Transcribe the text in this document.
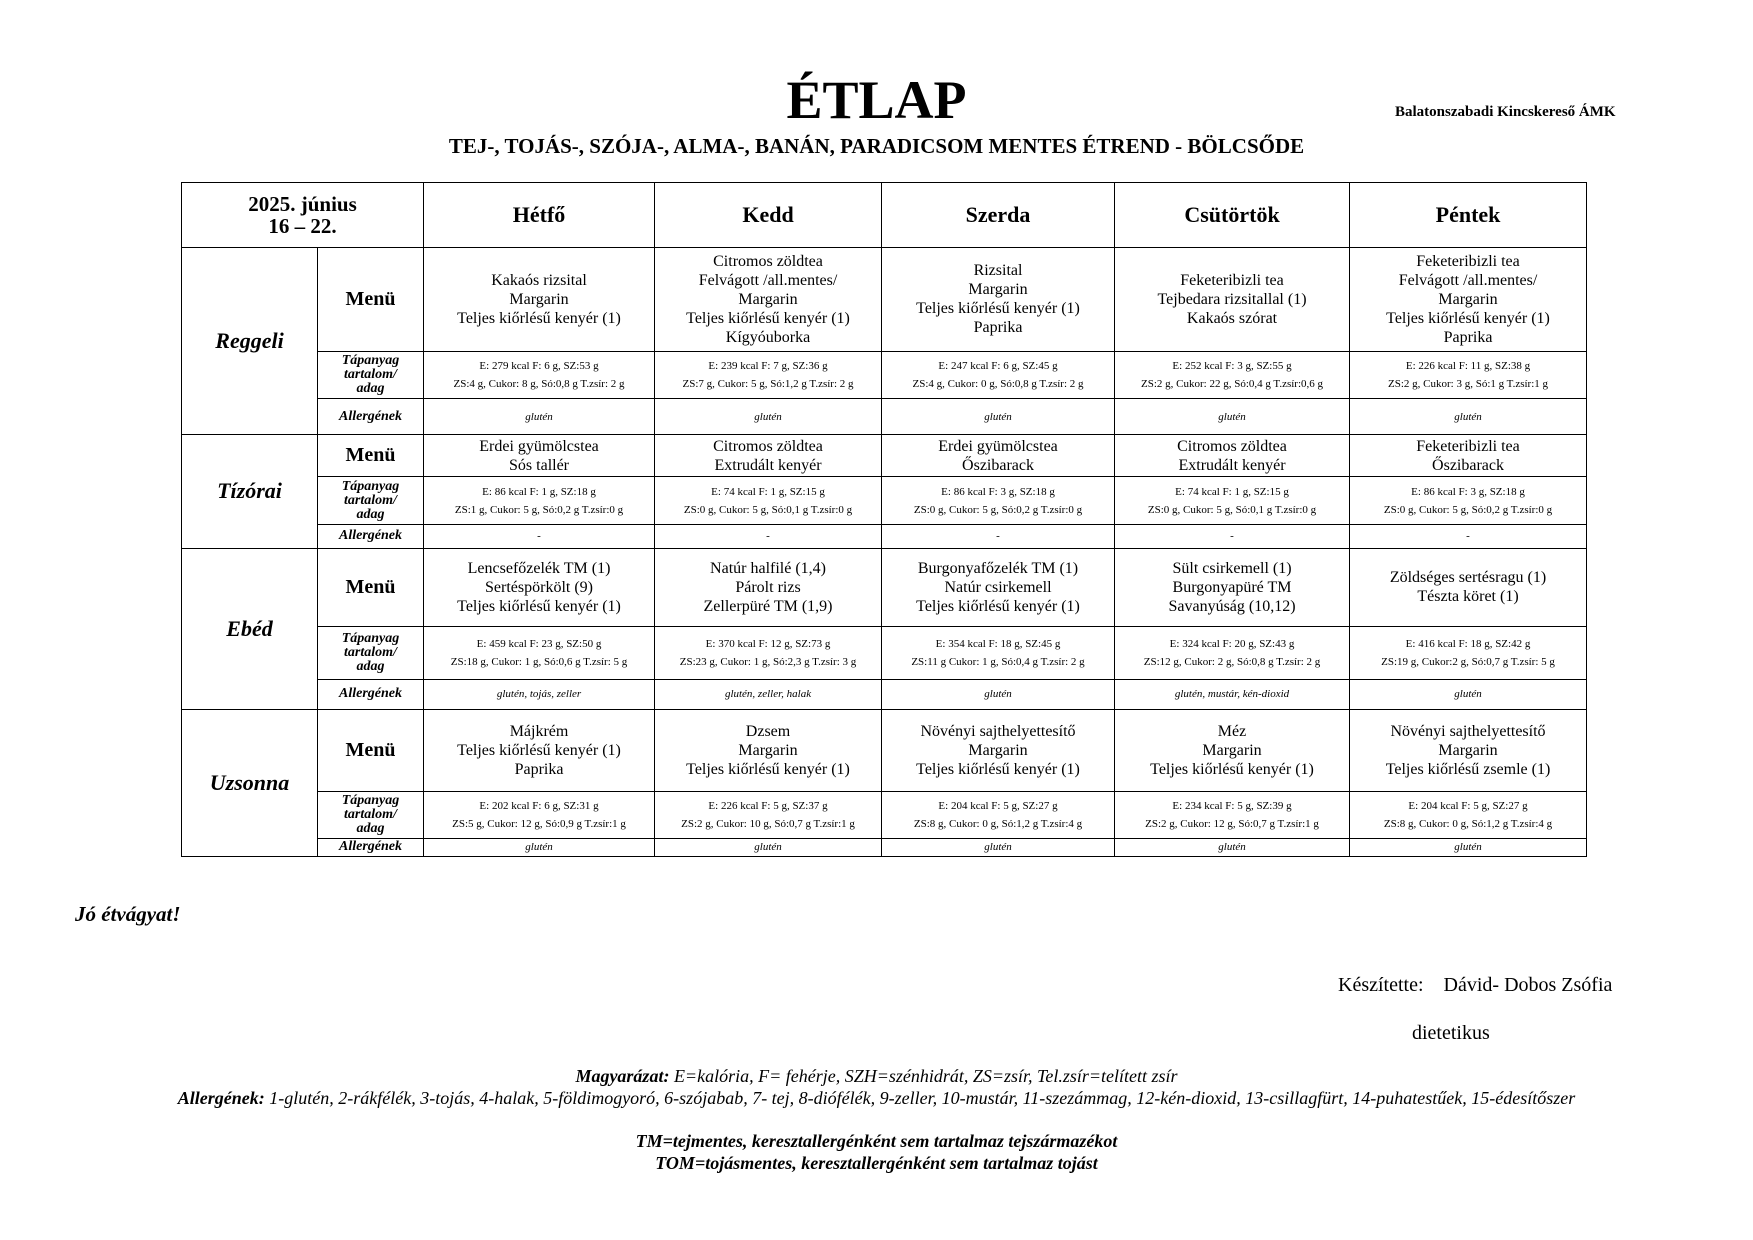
ÉTLAP	Balatonszabadi Kincskereső ÁMK
TEJ-, TOJÁS-, SZÓJA-, ALMA-, BANÁN, PARADICSOM MENTES ÉTREND - BÖLCSŐDE
2025. június
16 – 22.		Hétfő	Kedd	Szerda	Csütörtök	Péntek
Reggeli	Menü	Kakaós rizsital
Margarin
Teljes kiőrlésű kenyér (1)	Citromos zöldtea
Felvágott /all.mentes/
Margarin
Teljes kiőrlésű kenyér (1)
Kígyóuborka	Rizsital
Margarin
Teljes kiőrlésű kenyér (1)
Paprika	Feketeribizli tea
Tejbedara rizsitallal (1)
Kakaós szórat	Feketeribizli tea
Felvágott /all.mentes/
Margarin
Teljes kiőrlésű kenyér (1)
Paprika

	Tápanyag
tartalom/
adag	E: 279 kcal F: 6 g, SZ:53 g
ZS:4 g, Cukor: 8 g, Só:0,8 g T.zsír: 2 g	E: 239 kcal F: 7 g, SZ:36 g
ZS:7 g, Cukor: 5 g, Só:1,2 g T.zsír: 2 g	E: 247 kcal F: 6 g, SZ:45 g
ZS:4 g, Cukor: 0 g, Só:0,8 g T.zsír: 2 g	E: 252 kcal F: 3 g, SZ:55 g
ZS:2 g, Cukor: 22 g, Só:0,4 g T.zsír:0,6 g	E: 226 kcal F: 11 g, SZ:38 g
ZS:2 g, Cukor: 3 g, Só:1 g T.zsír:1 g

	Allergének	glutén	glutén	glutén	glutén	glutén
Tízórai	Menü	Erdei gyümölcstea
Sós tallér	Citromos zöldtea
Extrudált kenyér	Erdei gyümölcstea
Őszibarack	Citromos zöldtea
Extrudált kenyér	Feketeribizli tea
Őszibarack

	Tápanyag
tartalom/
adag	E: 86 kcal F: 1 g, SZ:18 g
ZS:1 g, Cukor: 5 g, Só:0,2 g T.zsír:0 g	E: 74 kcal F: 1 g, SZ:15 g
ZS:0 g, Cukor: 5 g, Só:0,1 g T.zsír:0 g	E: 86 kcal F: 3 g, SZ:18 g
ZS:0 g, Cukor: 5 g, Só:0,2 g T.zsír:0 g	E: 74 kcal F: 1 g, SZ:15 g
ZS:0 g, Cukor: 5 g, Só:0,1 g T.zsír:0 g	E: 86 kcal F: 3 g, SZ:18 g
ZS:0 g, Cukor: 5 g, Só:0,2 g T.zsír:0 g

	Allergének	-	-	-	-	-
Ebéd	Menü	Lencsefőzelék TM (1)
Sertéspörkölt (9)
Teljes kiőrlésű kenyér (1)	Natúr halfilé (1,4)
Párolt rizs
Zellerpüré TM (1,9)	Burgonyafőzelék TM (1)
Natúr csirkemell
Teljes kiőrlésű kenyér (1)	Sült csirkemell (1)
Burgonyapüré TM
Savanyúság (10,12)	Zöldséges sertésragu (1)
Tészta köret (1)

	Tápanyag
tartalom/
adag	E: 459 kcal F: 23 g, SZ:50 g
ZS:18 g, Cukor: 1 g, Só:0,6 g T.zsír: 5 g	E: 370 kcal F: 12 g, SZ:73 g
ZS:23 g, Cukor: 1 g, Só:2,3 g T.zsír: 3 g	E: 354 kcal F: 18 g, SZ:45 g
ZS:11 g Cukor: 1 g, Só:0,4 g T.zsír: 2 g	E: 324 kcal F: 20 g, SZ:43 g
ZS:12 g, Cukor: 2 g, Só:0,8 g T.zsír: 2 g	E: 416 kcal F: 18 g, SZ:42 g
ZS:19 g, Cukor:2 g, Só:0,7 g T.zsír: 5 g

	Allergének	glutén, tojás, zeller	glutén, zeller, halak	glutén	glutén, mustár, kén-dioxid	glutén
Uzsonna	Menü	Májkrém
Teljes kiőrlésű kenyér (1)
Paprika	Dzsem
Margarin
Teljes kiőrlésű kenyér (1)	Növényi sajthelyettesítő
Margarin
Teljes kiőrlésű kenyér (1)	Méz
Margarin
Teljes kiőrlésű kenyér (1)	Növényi sajthelyettesítő
Margarin
Teljes kiőrlésű zsemle (1)

	Tápanyag
tartalom/
adag	E: 202 kcal F: 6 g, SZ:31 g
ZS:5 g, Cukor: 12 g, Só:0,9 g T.zsír:1 g	E: 226 kcal F: 5 g, SZ:37 g
ZS:2 g, Cukor: 10 g, Só:0,7 g T.zsír:1 g	E: 204 kcal F: 5 g, SZ:27 g
ZS:8 g, Cukor: 0 g, Só:1,2 g T.zsír:4 g	E: 234 kcal F: 5 g, SZ:39 g
ZS:2 g, Cukor: 12 g, Só:0,7 g T.zsír:1 g	E: 204 kcal F: 5 g, SZ:27 g
ZS:8 g, Cukor: 0 g, Só:1,2 g T.zsír:4 g

	Allergének	glutén	glutén	glutén	glutén	glutén
Jó étvágyat!
Készítette: Dávid- Dobos Zsófia
dietetikus
Magyarázat: E=kalória, F= fehérje, SZH=szénhidrát, ZS=zsír, Tel.zsír=telített zsír
Allergének: 1-glutén, 2-rákfélék, 3-tojás, 4-halak, 5-földimogyoró, 6-szójabab, 7- tej, 8-diófélék, 9-zeller, 10-mustár, 11-szezámmag, 12-kén-dioxid, 13-csillagfürt, 14-puhatestűek, 15-édesítőszer
TM=tejmentes, keresztallergénként sem tartalmaz tejszármazékot
TOM=tojásmentes, keresztallergénként sem tartalmaz tojást
